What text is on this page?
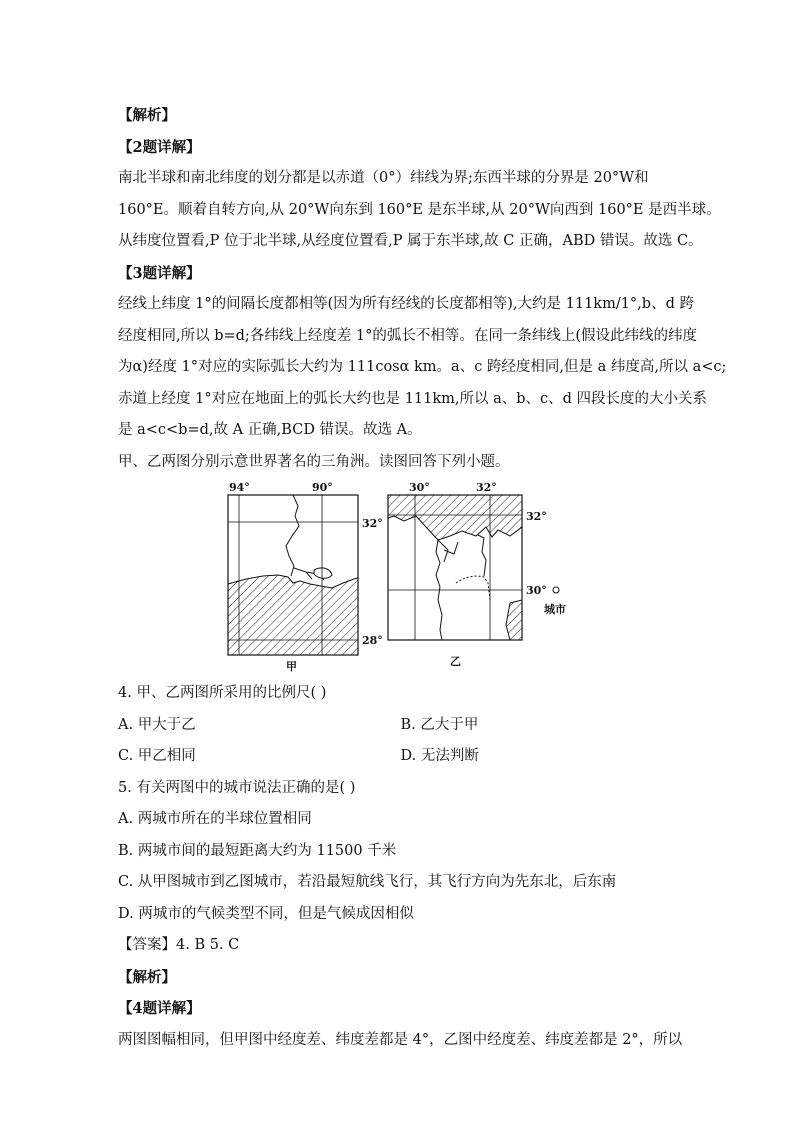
【解析】
【2题详解】
南北半球和南北纬度的划分都是以赤道（0°）纬线为界;东西半球的分界是 20°W和
160°E。顺着自转方向,从 20°W向东到 160°E 是东半球,从 20°W向西到 160°E 是西半球。
从纬度位置看,P 位于北半球,从经度位置看,P 属于东半球,故 C 正确，ABD 错误。故选 C。
【3题详解】
经线上纬度 1°的间隔长度都相等(因为所有经线的长度都相等),大约是 111km/1°,b、d 跨
经度相同,所以 b=d;各纬线上经度差 1°的弧长不相等。在同一条纬线上(假设此纬线的纬度
为α)经度 1°对应的实际弧长大约为 111cosα km。a、c 跨经度相同,但是 a 纬度高,所以 a<c;
赤道上经度 1°对应在地面上的弧长大约也是 111km,所以 a、b、c、d 四段长度的大小关系
是 a<c<b=d,故 A 正确,BCD 错误。故选 A。
甲、乙两图分别示意世界著名的三角洲。读图回答下列小题。
94°	90°
32°
28°
甲
30°	32°
32°
30°
城市
乙
4. 甲、乙两图所采用的比例尺( )
A. 甲大于乙	B. 乙大于甲
C. 甲乙相同	D. 无法判断
5. 有关两图中的城市说法正确的是( )
A. 两城市所在的半球位置相同
B. 两城市间的最短距离大约为 11500 千米
C. 从甲图城市到乙图城市，若沿最短航线飞行，其飞行方向为先东北，后东南
D. 两城市的气候类型不同，但是气候成因相似
【答案】4. B 5. C
【解析】
【4题详解】
两图图幅相同，但甲图中经度差、纬度差都是 4°，乙图中经度差、纬度差都是 2°，所以
